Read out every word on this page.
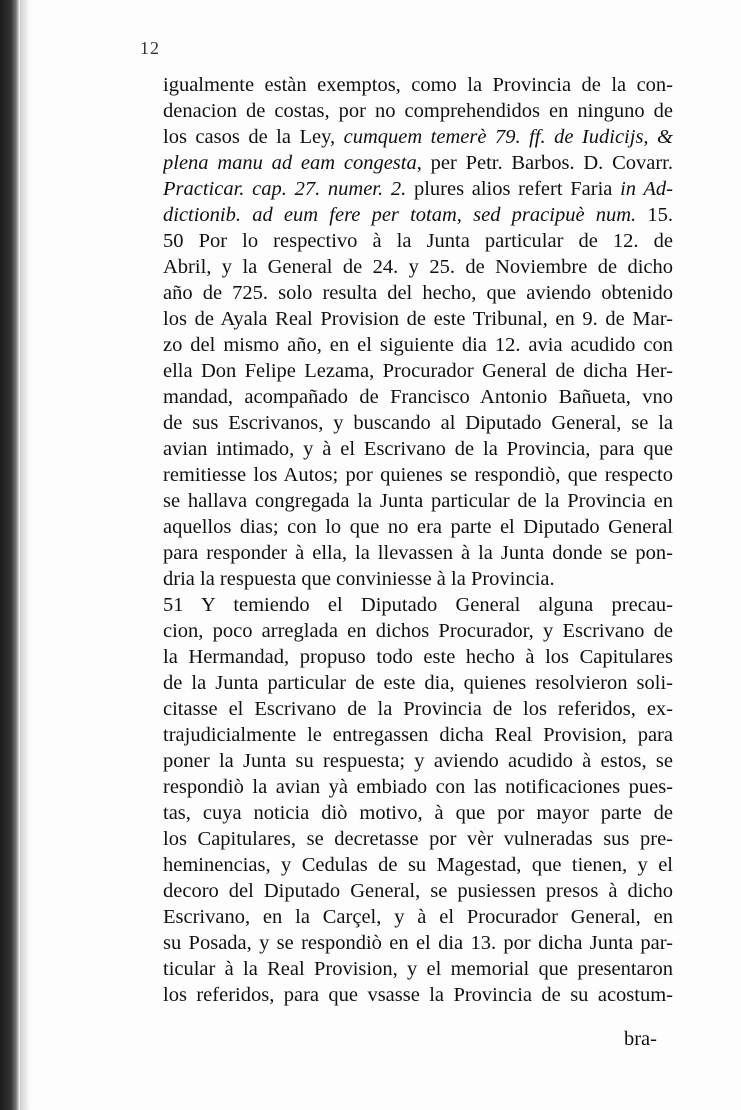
12
igualmente estàn exemptos, como la Provincia de la con-
denacion de costas, por no comprehendidos en ninguno de
los casos de la Ley, cumquem temerè 79. ff. de Iudicijs, &
plena manu ad eam congesta, per Petr. Barbos. D. Covarr.
Practicar. cap. 27. numer. 2. plures alios refert Faria in Ad-
dictionib. ad eum fere per totam, sed pracipuè num. 15.
50 Por lo respectivo à la Junta particular de 12. de
Abril, y la General de 24. y 25. de Noviembre de dicho
año de 725. solo resulta del hecho, que aviendo obtenido
los de Ayala Real Provision de este Tribunal, en 9. de Mar-
zo del mismo año, en el siguiente dia 12. avia acudido con
ella Don Felipe Lezama, Procurador General de dicha Her-
mandad, acompañado de Francisco Antonio Bañueta, vno
de sus Escrivanos, y buscando al Diputado General, se la
avian intimado, y à el Escrivano de la Provincia, para que
remitiesse los Autos; por quienes se respondiò, que respecto
se hallava congregada la Junta particular de la Provincia en
aquellos dias; con lo que no era parte el Diputado General
para responder à ella, la llevassen à la Junta donde se pon-
dria la respuesta que conviniesse à la Provincia.
51 Y temiendo el Diputado General alguna precau-
cion, poco arreglada en dichos Procurador, y Escrivano de
la Hermandad, propuso todo este hecho à los Capitulares
de la Junta particular de este dia, quienes resolvieron soli-
citasse el Escrivano de la Provincia de los referidos, ex-
trajudicialmente le entregassen dicha Real Provision, para
poner la Junta su respuesta; y aviendo acudido à estos, se
respondiò la avian yà embiado con las notificaciones pues-
tas, cuya noticia diò motivo, à que por mayor parte de
los Capitulares, se decretasse por vèr vulneradas sus pre-
heminencias, y Cedulas de su Magestad, que tienen, y el
decoro del Diputado General, se pusiessen presos à dicho
Escrivano, en la Carçel, y à el Procurador General, en
su Posada, y se respondiò en el dia 13. por dicha Junta par-
ticular à la Real Provision, y el memorial que presentaron
los referidos, para que vsasse la Provincia de su acostum-
bra-
